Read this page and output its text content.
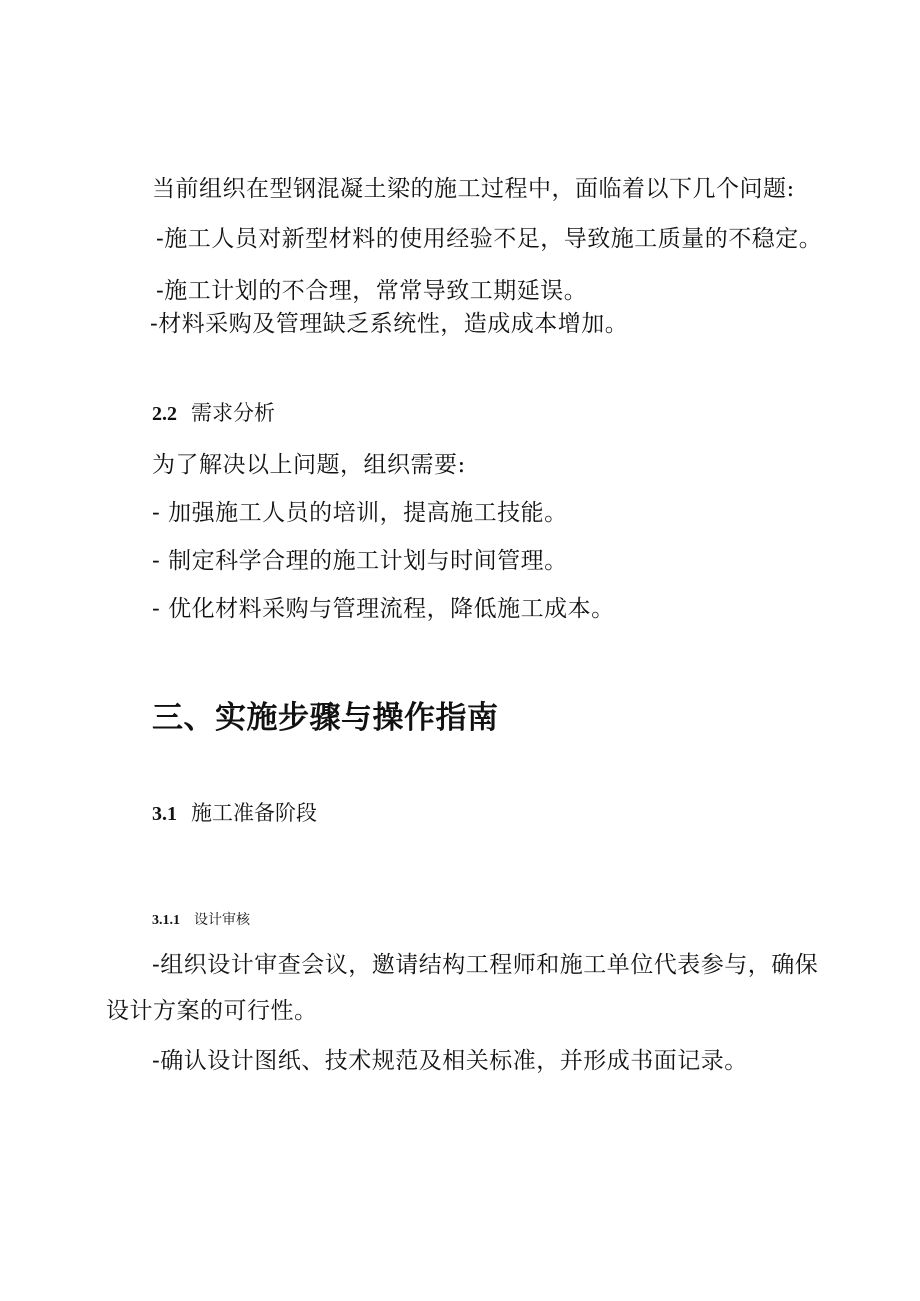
当前组织在型钢混凝土梁的施工过程中，面临着以下几个问题:

-施工人员对新型材料的使用经验不足，导致施工质量的不稳定。

-施工计划的不合理，常常导致工期延误。

-材料采购及管理缺乏系统性，造成成本增加。

2.2 需求分析

为了解决以上问题，组织需要:

- 加强施工人员的培训，提高施工技能。

- 制定科学合理的施工计划与时间管理。

- 优化材料采购与管理流程，降低施工成本。

三、实施步骤与操作指南
3.1 施工准备阶段
3.1.1 设计审核

-组织设计审查会议，邀请结构工程师和施工单位代表参与，确保

设计方案的可行性。

-确认设计图纸、技术规范及相关标准，并形成书面记录。
